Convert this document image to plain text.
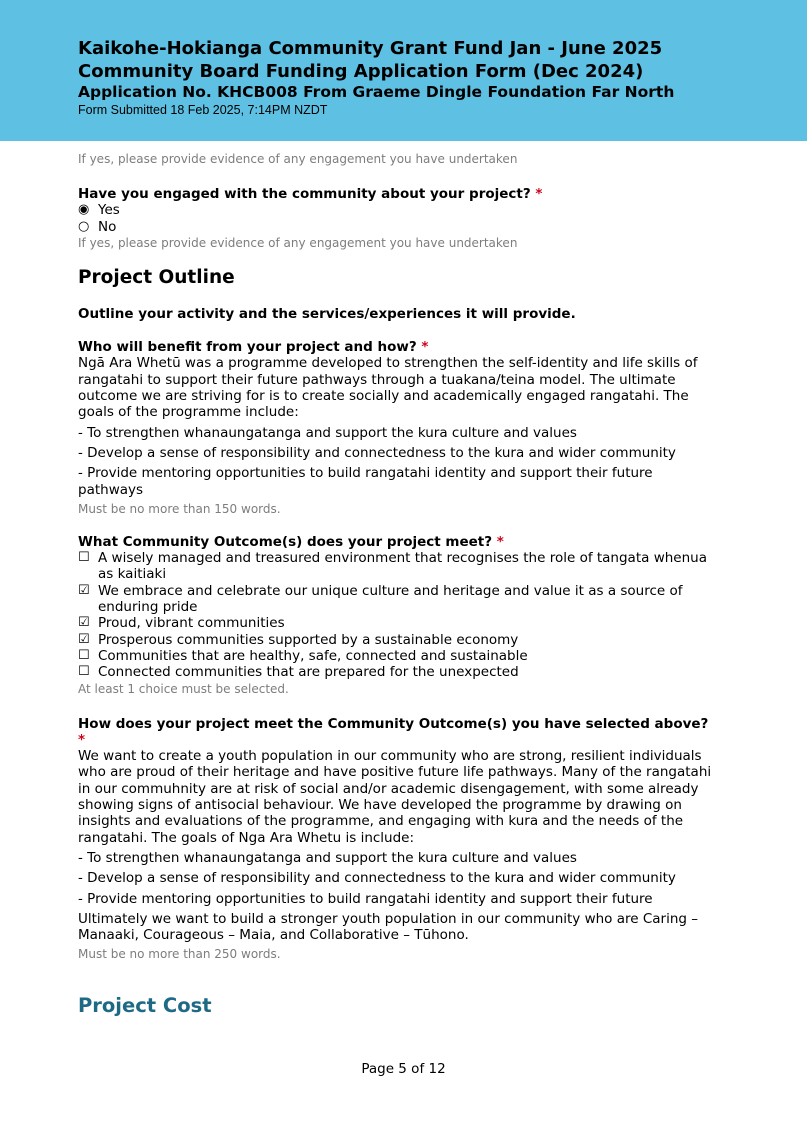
Kaikohe-Hokianga Community Grant Fund Jan - June 2025
Community Board Funding Application Form (Dec 2024)
Application No. KHCB008 From Graeme Dingle Foundation Far North
Form Submitted 18 Feb 2025, 7:14PM NZDT
If yes, please provide evidence of any engagement you have undertaken
Have you engaged with the community about your project? *
◉ Yes
○ No
If yes, please provide evidence of any engagement you have undertaken
Project Outline
Outline your activity and the services/experiences it will provide.
Who will benefit from your project and how? *

Ngā Ara Whetū was a programme developed to strengthen the self-identity and life skills of rangatahi to support their future pathways through a tuakana/teina model. The ultimate outcome we are striving for is to create socially and academically engaged rangatahi. The goals of the programme include:

- To strengthen whanaungatanga and support the kura culture and values

- Develop a sense of responsibility and connectedness to the kura and wider community

- Provide mentoring opportunities to build rangatahi identity and support their future pathways

Must be no more than 150 words.
What Community Outcome(s) does your project meet? *
☐ A wisely managed and treasured environment that recognises the role of tangata whenua as kaitiaki
☑ We embrace and celebrate our unique culture and heritage and value it as a source of enduring pride
☑ Proud, vibrant communities
☑ Prosperous communities supported by a sustainable economy
☐ Communities that are healthy, safe, connected and sustainable
☐ Connected communities that are prepared for the unexpected
At least 1 choice must be selected.
How does your project meet the Community Outcome(s) you have selected above? *

We want to create a youth population in our community who are strong, resilient individuals who are proud of their heritage and have positive future life pathways. Many of the rangatahi in our commuhnity are at risk of social and/or academic disengagement, with some already showing signs of antisocial behaviour. We have developed the programme by drawing on insights and evaluations of the programme, and engaging with kura and the needs of the rangatahi. The goals of Nga Ara Whetu is include:

- To strengthen whanaungatanga and support the kura culture and values

- Develop a sense of responsibility and connectedness to the kura and wider community

- Provide mentoring opportunities to build rangatahi identity and support their future

Ultimately we want to build a stronger youth population in our community who are Caring – Manaaki, Courageous – Maia, and Collaborative – Tūhono.

Must be no more than 250 words.
Project Cost
Page 5 of 12
